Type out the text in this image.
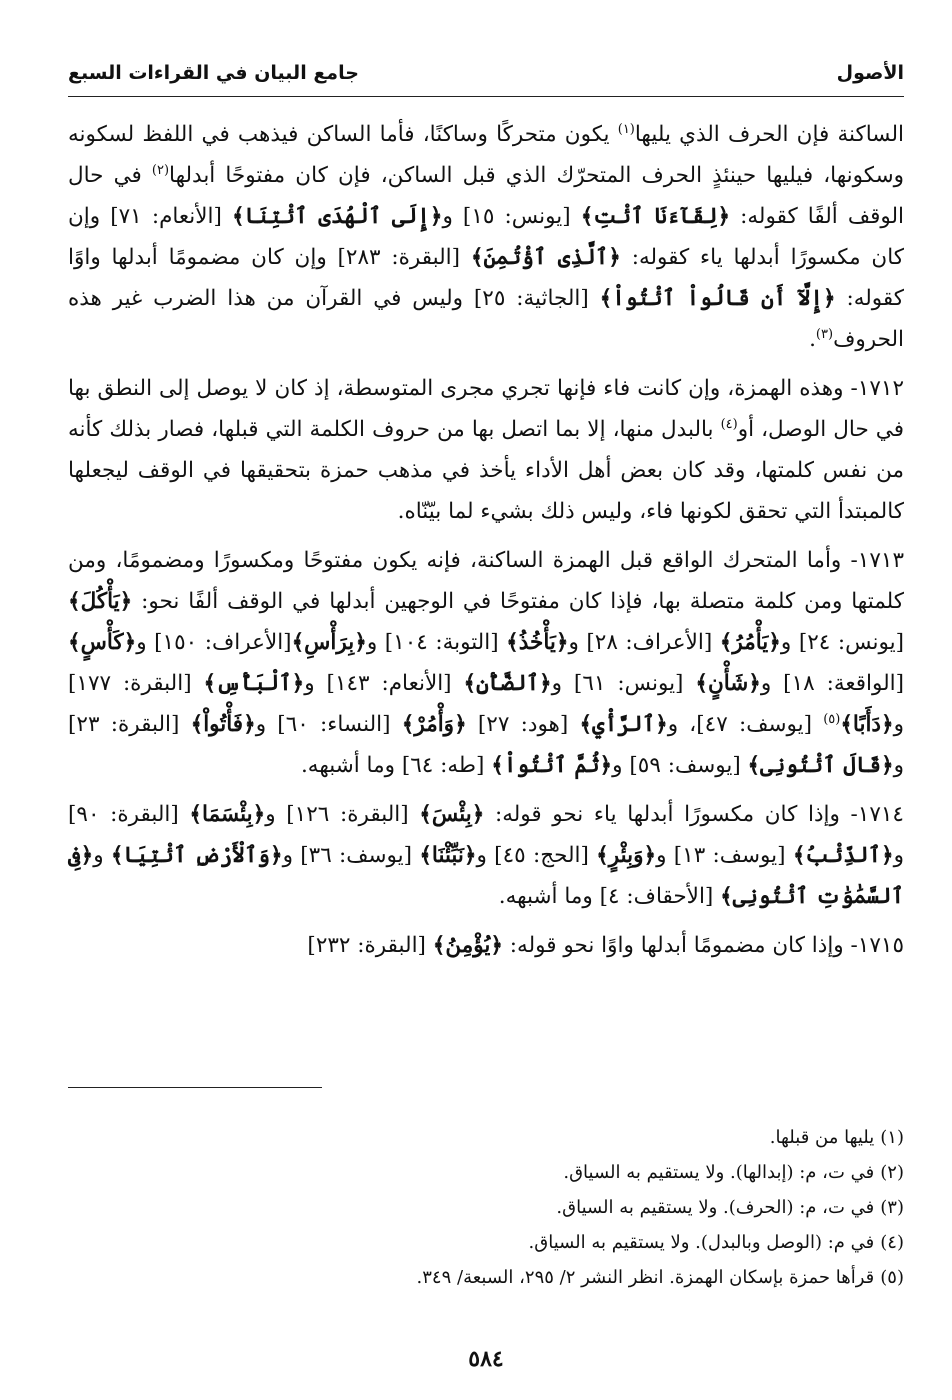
الأصول
جامع البيان في القراءات السبع

الساكنة فإن الحرف الذي يليها$^{(١)}$ يكون متحركًا وساكنًا، فأما الساكن فيذهب في اللفظ لسكونه وسكونها، فيليها حينئذٍ الحرف المتحرّك الذي قبل الساكن، فإن كان مفتوحًا أبدلها$^{(٢)}$ في حال الوقف ألفًا كقوله: ﴿لِقَآءَنَا ٱئْتِ﴾ [يونس: ١٥] و﴿إِلَى ٱلْهُدَى ٱئْتِنَا﴾ [الأنعام: ٧١] وإن كان مكسورًا أبدلها ياء كقوله: ﴿ٱلَّذِى ٱؤْتُمِنَ﴾ [البقرة: ٢٨٣] وإن كان مضمومًا أبدلها واوًا كقوله: ﴿إِلَّآ أَن قَالُواْ ٱئْتُواْ﴾ [الجاثية: ٢٥] وليس في القرآن من هذا الضرب غير هذه الحروف$^{(٣)}$.

١٧١٢- وهذه الهمزة، وإن كانت فاء فإنها تجري مجرى المتوسطة، إذ كان لا يوصل إلى النطق بها في حال الوصل، أو$^{(٤)}$ بالبدل منها، إلا بما اتصل بها من حروف الكلمة التي قبلها، فصار بذلك كأنه من نفس كلمتها، وقد كان بعض أهل الأداء يأخذ في مذهب حمزة بتحقيقها في الوقف ليجعلها كالمبتدأ التي تحقق لكونها فاء، وليس ذلك بشيء لما بيّنّاه.

١٧١٣- وأما المتحرك الواقع قبل الهمزة الساكنة، فإنه يكون مفتوحًا ومكسورًا ومضمومًا، ومن كلمتها ومن كلمة متصلة بها، فإذا كان مفتوحًا في الوجهين أبدلها في الوقف ألفًا نحو: ﴿يَأْكُلَ﴾ [يونس: ٢٤] و﴿يَأْمُرُ﴾ [الأعراف: ٢٨] و﴿يَأْخُذُ﴾ [التوبة: ١٠٤] و﴿بِرَأْسِ﴾[الأعراف: ١٥٠] و﴿كَأْسٍ﴾ [الواقعة: ١٨] و﴿شَأْنٍ﴾ [يونس: ٦١] و﴿ٱلضَّأْنِ﴾ [الأنعام: ١٤٣] و﴿ٱلْبَأْسِ﴾ [البقرة: ١٧٧] و﴿دَأَبًا﴾$^{(٥)}$ [يوسف: ٤٧]، و﴿ٱلرَّأْيِ﴾ [هود: ٢٧] ﴿وَأْمُرْ﴾ [النساء: ٦٠] و﴿فَأْتُواْ﴾ [البقرة: ٢٣] و﴿قَالَ ٱئْتُونِى﴾ [يوسف: ٥٩] و﴿ثُمَّ ٱئْتُواْ﴾ [طه: ٦٤] وما أشبهه.

١٧١٤- وإذا كان مكسورًا أبدلها ياء نحو قوله: ﴿بِئْسَ﴾ [البقرة: ١٢٦] و﴿بِئْسَمَا﴾ [البقرة: ٩٠] و﴿ٱلذِّئْبُ﴾ [يوسف: ١٣] و﴿وَبِئْرٍ﴾ [الحج: ٤٥] و﴿نَبِّئْنَا﴾ [يوسف: ٣٦] و﴿وَٱلْأَرْضِ ٱئْتِيَا﴾ و﴿فِى ٱلسَّمَٰوَٰتِ ٱئْتُونِى﴾ [الأحقاف: ٤] وما أشبهه.

١٧١٥- وإذا كان مضمومًا أبدلها واوًا نحو قوله: ﴿يُؤْمِنُ﴾ [البقرة: ٢٣٢]

(١)يليها من قبلها.
(٢)في ت، م: (إبدالها). ولا يستقيم به السياق.
(٣)في ت، م: (الحرف). ولا يستقيم به السياق.
(٤)في م: (الوصل وبالبدل). ولا يستقيم به السياق.
(٥)قرأها حمزة بإسكان الهمزة. انظر النشر ٢/ ٢٩٥، السبعة/ ٣٤٩.
٥٨٤
